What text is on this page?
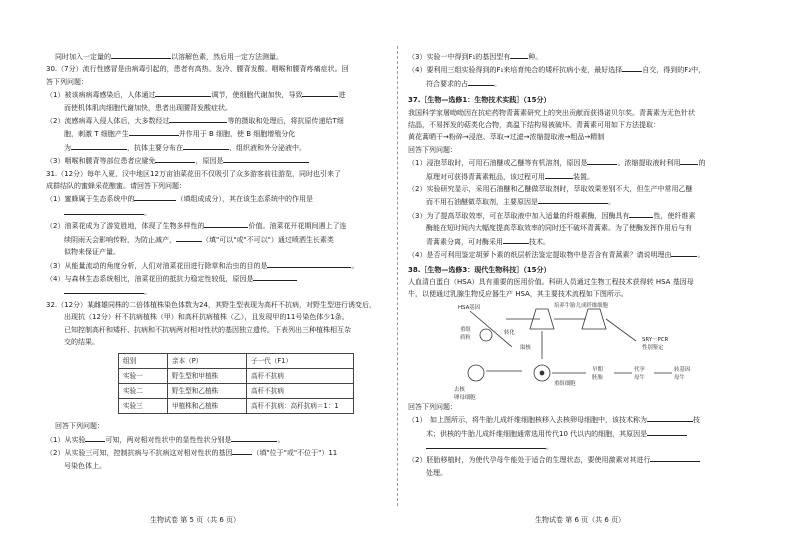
同时加入一定量的	以溶解色素，然后用一定方法测量。

30.（7分）流行性感冒是由病毒引起的，患者有高热、发冷、腰背发酸、咽喉和腰背疼痛症状。回

答下列问题：

（1）被该病病毒感染后，人体通过	调节，使细胞代谢加快，导致	进

而使机体肌肉细胞代谢加快，患者出现腰背发酸症状。

（2）流感病毒入侵人体后，大多数经过	等的摄取和处理后，将抗原传递给T细

胞，刺激 T 细胞产生	并作用于 B 细胞，使 B 细胞增殖分化

为	，抗体主要分布在	、组织液和外分泌液中。

（3）咽喉和腰背等部位患者应避免	，原因是

31.（12分）每年入夏，汉中地区12万亩油菜花田不仅吸引了众多游客前往游览，同时也引来了

成群结队的蜜蜂采花酿蜜。请回答下列问题：

（1）蜜蜂属于生态系统中的	（填组成成分），其在该生态系统中的作用是

。

（2）油菜花成为了游览胜地，体现了生物多样性的	价值。油菜花开花期间遇上了连

续阴雨天会影响传粉，为防止减产，	（填"可以"或"不可以"）通过喷洒生长素类

似物来保证产量。

（3）从能量流动的角度分析，人们对油菜花田进行除草和治虫的目的是	。

（4）与森林生态系统相比，油菜花田的抵抗力稳定性较低，原因是

。

32.（12分）某雌雄同株的二倍体植株染色体数为24，其野生型表现为高秆不抗病，对野生型进行诱变后，

出现抗（12分）秆不抗病植株（甲）和高秆抗病植株（乙），且发现甲的11号染色体少1条。

已知控制高秆和矮秆、抗病和不抗病两对相对性状的基因独立遗传。下表列出三种植株相互杂

交的结果。

组别	亲本（P）	子一代（F1）
实验一	野生型和甲植株	高秆不抗病
实验二	野生型和乙植株	高秆不抗病
实验三	甲植株和乙植株	高秆不抗病：高秆抗病＝1：1

回答下列问题：

（1）从实验	可知，两对相对性状中的显性性状分别是	。

（2）从实验三可知，控制抗病与不抗病这对相对性状的基因	（填"位于"或"不位于"）11

号染色体上。

（3）实验一中得到F₁的基因型有	种。

（4）要利用三组实验得到的F₁来培育纯合的矮秆抗病小麦，最好选择	自交，得到的F₂中，

符合要求的占	。

37.［生物—选修1：生物技术实践］（15分）

我国科学家屠呦呦因在抗疟药物青蒿素研究上的突出贡献而获得诺贝尔奖。青蒿素为无色针状

结晶，不易挥发的萜类化合物，高温下结构易被破坏。青蒿素可用如下方法提取：

黄花蒿晒干→粉碎→浸泡、萃取→过滤→浓缩提取液→粗品→精制

回答下列问题：

（1）浸泡萃取时，可用石油醚或乙醚等有机溶剂，原因是	。浓缩提取液时利用	的

原理对可获得青蒿素粗品，该过程可用	装置。

（2）实验研究显示，采用石油醚和乙醚做萃取剂时，萃取效果差别不大，但生产中常用乙醚

而不用石油醚做萃取剂，主要原因是	。

（3）为了提高萃取效率，可在萃取液中加入适量的纤维素酶，因酶具有	性，使纤维素

酶能在短时间内大幅度提高萃取效率的同时还不破坏青蒿素。为了使酶发挥作用后与有

青蒿素分离，可对酶采用	技术。

（4）是否可利用鉴定胡萝卜素的纸层析法鉴定提取物中是否含有青蒿素？请说明理由	。

38.［生物—选修3：现代生物科技］（15分）

人血清白蛋白（HSA）具有重要的医用价值。科研人员通过生物工程技术获得转 HSA 基因母

牛，以便通过乳腺生物反应器生产 HSA，其主要技术流程如下图所示。

HSA基因
重组
质粒
转化
培养牛胎儿成纤维细胞
取核
SRY－PCR
性别鉴定
去核
卵母细胞
重组细胞
早期
胚胎
代孕
母牛
转基因
母牛

回答下列问题：

（1）　如上图所示，将牛胎儿成纤维细胞核移入去核卵母细胞中，该技术称为	技

术；供核的牛胎儿成纤维细胞通常选用传代10 代以内的细胞，其原因是

。

（2）胚胎移植时，为使代孕母牛能处于适合的生理状态，要使用激素对其进行

处理。

生物试卷 第 5 页（共 6 页）	生物试卷 第 6 页（共 6 页）
